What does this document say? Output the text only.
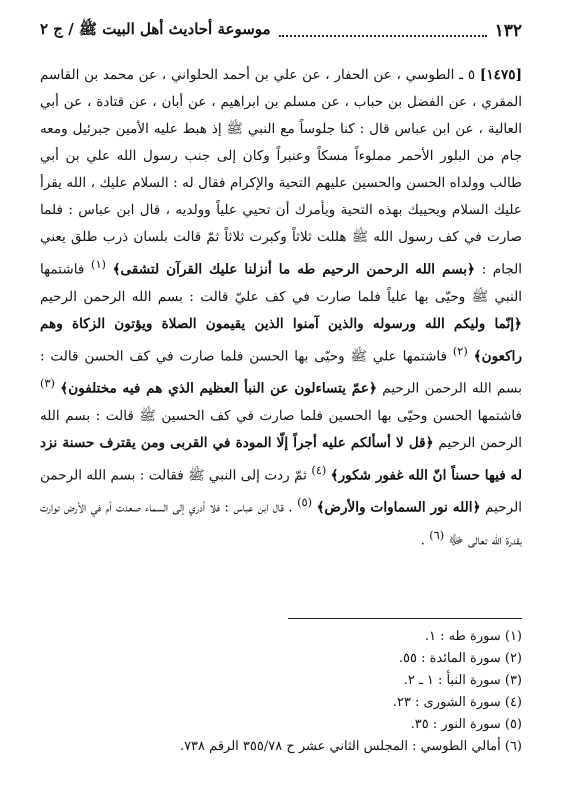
١٣٢
موسوعة أحاديث أهل البيت ﷺ / ج ٢
[١٤٧٥] ٥ ـ الطوسي ، عن الحفار ، عن علي بن أحمد الحلواني ، عن محمد بن القاسم المقري ، عن الفضل بن حباب ، عن مسلم بن ابراهيم ، عن أبان ، عن قتادة ، عن أبي العالية ، عن ابن عباس قال : كنا جلوساً مع النبي ﷺ إذ هبط عليه الأمين جبرئيل ومعه جام من البلور الأحمر مملوءاً مسكاً وعنبراً وكان إلى جنب رسول الله علي بن أبي طالب وولداه الحسن والحسين عليهم التحية والإكرام فقال له : السلام عليك ، الله يقرأ عليك السلام ويحييك بهذه التحية ويأمرك أن تحيي علياً وولديه ، قال ابن عباس : فلما صارت في كف رسول الله ﷺ هللت ثلاثاً وكبرت ثلاثاً ثمّ قالت بلسان ذرب طلق يعني الجام : ﴿بسم الله الرحمن الرحيم طه ما أنزلنا عليك القرآن لتشقى﴾ $^{(١)}$ فاشتمها النبي ﷺ وحيّى بها علياً فلما صارت في كف عليّ قالت : بسم الله الرحمن الرحيم ﴿إنّما وليكم الله ورسوله والذين آمنوا الذين يقيمون الصلاة ويؤتون الزكاة وهم راكعون﴾ $^{(٢)}$ فاشتمها علي ﷺ وحيّى بها الحسن فلما صارت في كف الحسن قالت : بسم الله الرحمن الرحيم ﴿عمّ يتساءلون عن النبأ العظيم الذي هم فيه مختلفون﴾ $^{(٣)}$ فاشتمها الحسن وحيّى بها الحسين فلما صارت في كف الحسين ﷺ قالت : بسم الله الرحمن الرحيم ﴿قل لا أسألكم عليه أجراً إلّا المودة في القربى ومن يقترف حسنة نزد له فيها حسناً انّ الله غفور شكور﴾ $^{(٤)}$ ثمّ ردت إلى النبي ﷺ فقالت : بسم الله الرحمن الرحيم ﴿الله نور السماوات والأرض﴾ $^{(٥)}$ . قال ابن عباس : فلا أدري إلى السماء صعدت أم في الأرض توارت بقدرة الله تعالى ﷻ $^{(٦)}$ .
(١) سورة طه : ١.
(٢) سورة المائدة : ٥٥.
(٣) سورة النبأ : ١ ـ ٢.
(٤) سورة الشورى : ٢٣.
(٥) سورة النور : ٣٥.
(٦) أمالي الطوسي : المجلس الثاني عشر ح ٣٥٥/٧٨ الرقم ٧٣٨.
